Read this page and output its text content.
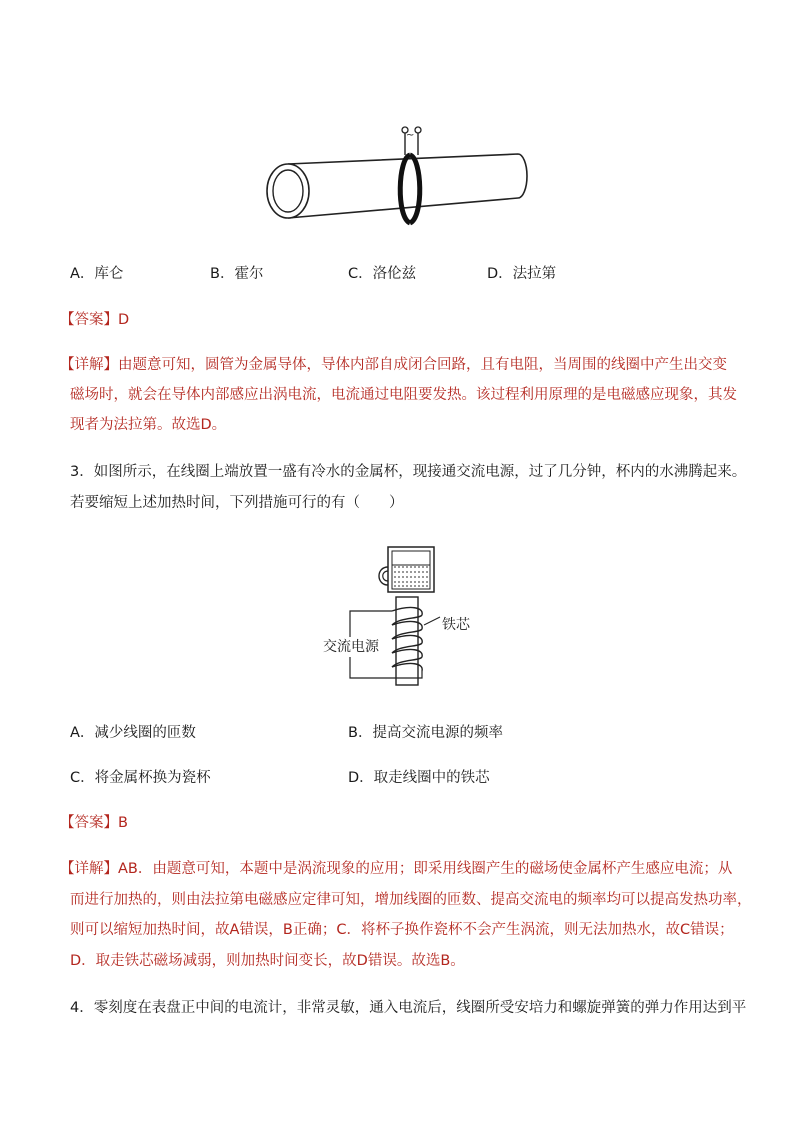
~
A．库仑	B．霍尔	C．洛伦兹	D．法拉第
【答案】D
【详解】由题意可知，圆管为金属导体，导体内部自成闭合回路，且有电阻，当周围的线圈中产生出交变
磁场时，就会在导体内部感应出涡电流，电流通过电阻要发热。该过程利用原理的是电磁感应现象，其发
现者为法拉第。故选D。
3．如图所示，在线圈上端放置一盛有冷水的金属杯，现接通交流电源，过了几分钟，杯内的水沸腾起来。
若要缩短上述加热时间，下列措施可行的有（　　）
铁芯
交流电源
A．减少线圈的匝数	B．提高交流电源的频率
C．将金属杯换为瓷杯	D．取走线圈中的铁芯
【答案】B
【详解】AB．由题意可知，本题中是涡流现象的应用；即采用线圈产生的磁场使金属杯产生感应电流；从
而进行加热的，则由法拉第电磁感应定律可知，增加线圈的匝数、提高交流电的频率均可以提高发热功率，
则可以缩短加热时间，故A错误，B正确；C．将杯子换作瓷杯不会产生涡流，则无法加热水，故C错误；
D．取走铁芯磁场减弱，则加热时间变长，故D错误。故选B。
4．零刻度在表盘正中间的电流计，非常灵敏，通入电流后，线圈所受安培力和螺旋弹簧的弹力作用达到平
